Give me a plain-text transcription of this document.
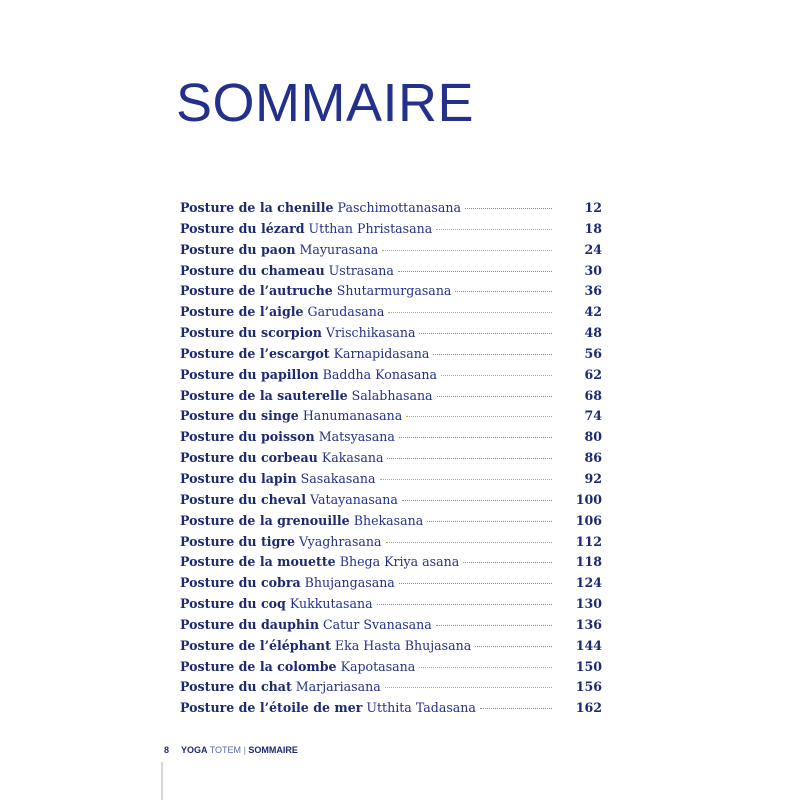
SOMMAIRE
Posture de la chenille Paschimottanasana	12
Posture du lézard Utthan Phristasana	18
Posture du paon Mayurasana	24
Posture du chameau Ustrasana	30
Posture de l’autruche Shutarmurgasana	36
Posture de l’aigle Garudasana	42
Posture du scorpion Vrischikasana	48
Posture de l’escargot Karnapidasana	56
Posture du papillon Baddha Konasana	62
Posture de la sauterelle Salabhasana	68
Posture du singe Hanumanasana	74
Posture du poisson Matsyasana	80
Posture du corbeau Kakasana	86
Posture du lapin Sasakasana	92
Posture du cheval Vatayanasana	100
Posture de la grenouille Bhekasana	106
Posture du tigre Vyaghrasana	112
Posture de la mouette Bhega Kriya asana	118
Posture du cobra Bhujangasana	124
Posture du coq Kukkutasana	130
Posture du dauphin Catur Svanasana	136
Posture de l’éléphant Eka Hasta Bhujasana	144
Posture de la colombe Kapotasana	150
Posture du chat Marjariasana	156
Posture de l’étoile de mer Utthita Tadasana	162
8 YOGA TOTEM | SOMMAIRE
